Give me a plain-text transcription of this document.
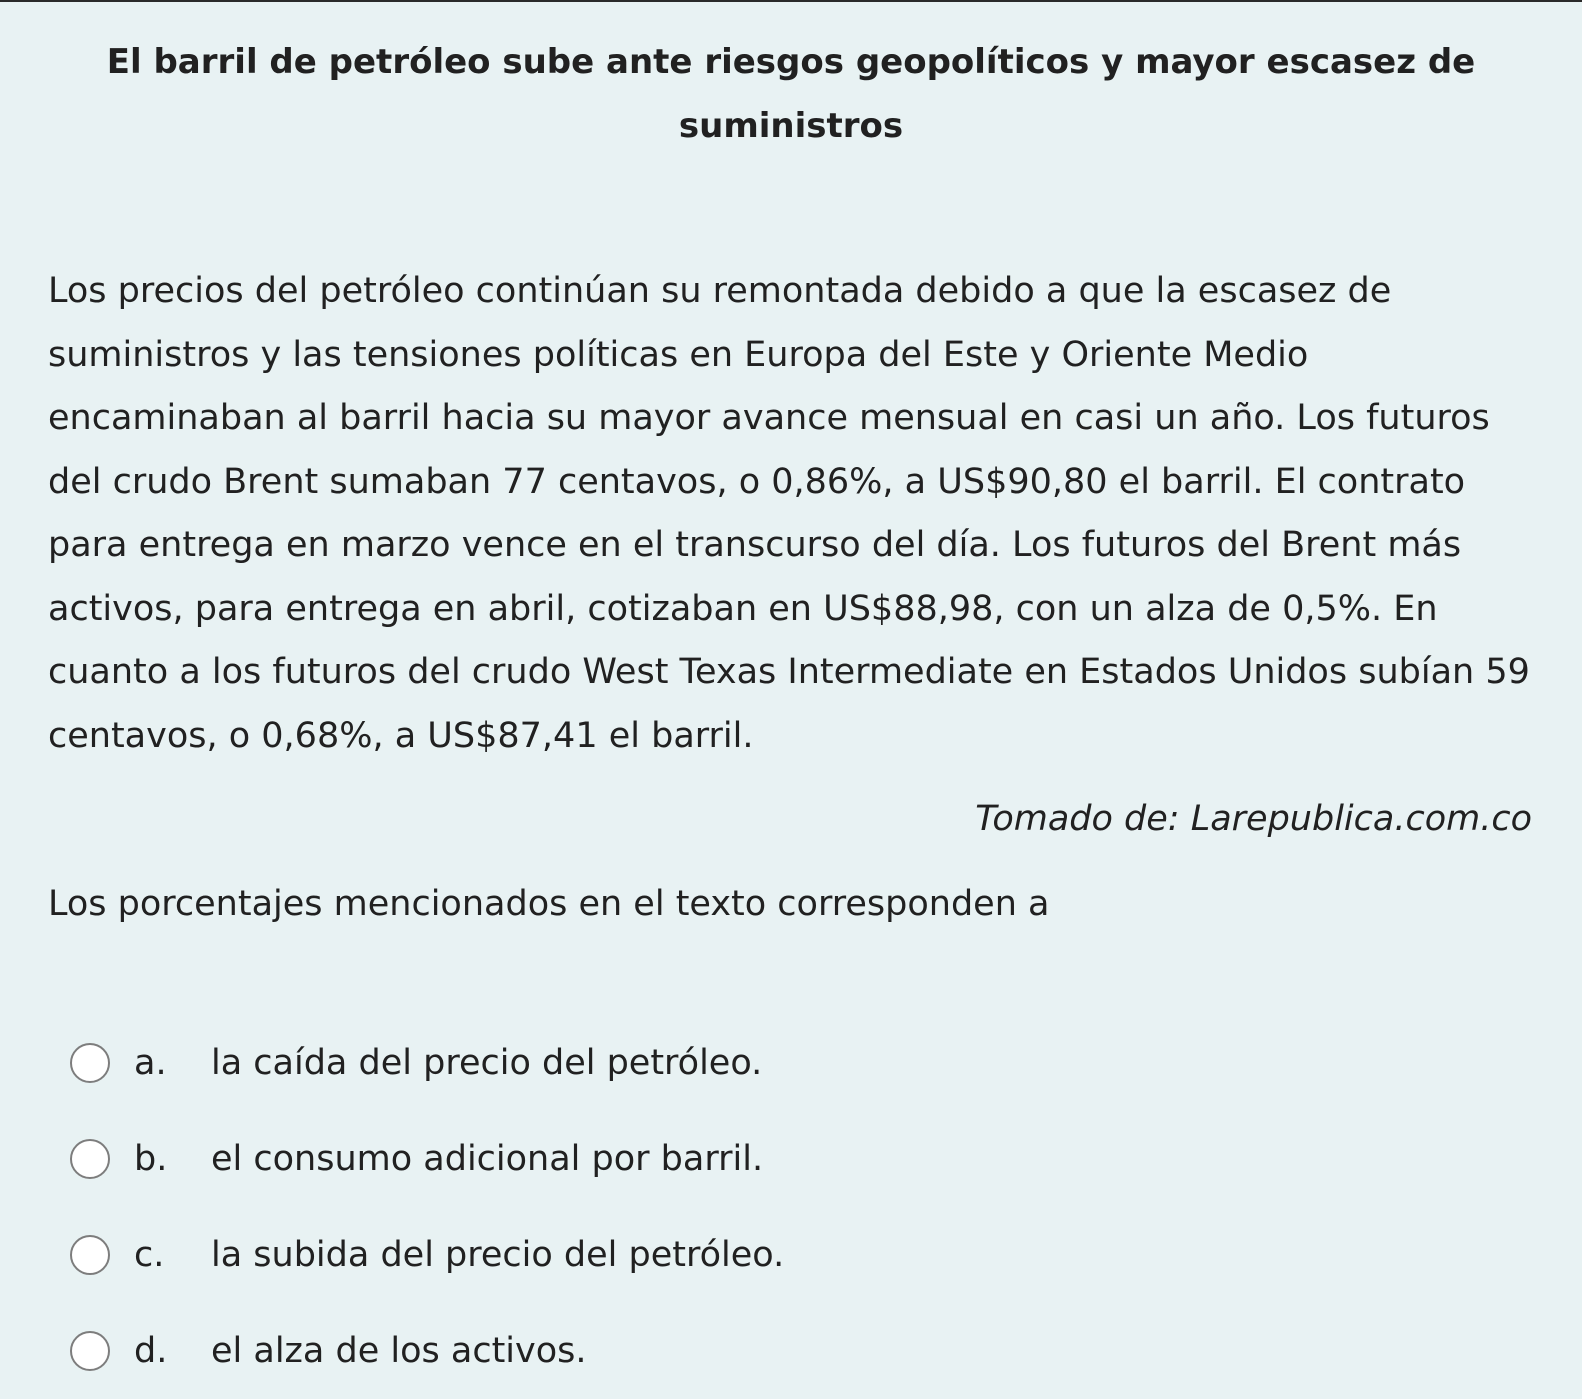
El barril de petróleo sube ante riesgos geopolíticos y mayor escasez de suministros

Los precios del petróleo continúan su remontada debido a que la escasez de suministros y las tensiones políticas en Europa del Este y Oriente Medio encaminaban al barril hacia su mayor avance mensual en casi un año. Los futuros del crudo Brent sumaban 77 centavos, o 0,86%, a US$90,80 el barril. El contrato para entrega en marzo vence en el transcurso del día. Los futuros del Brent más activos, para entrega en abril, cotizaban en US$88,98, con un alza de 0,5%. En cuanto a los futuros del crudo West Texas Intermediate en Estados Unidos subían 59 centavos, o 0,68%, a US$87,41 el barril.

Tomado de: Larepublica.com.co

Los porcentajes mencionados en el texto corresponden a

a.	la caída del precio del petróleo.
b.	el consumo adicional por barril.
c.	la subida del precio del petróleo.
d.	el alza de los activos.
